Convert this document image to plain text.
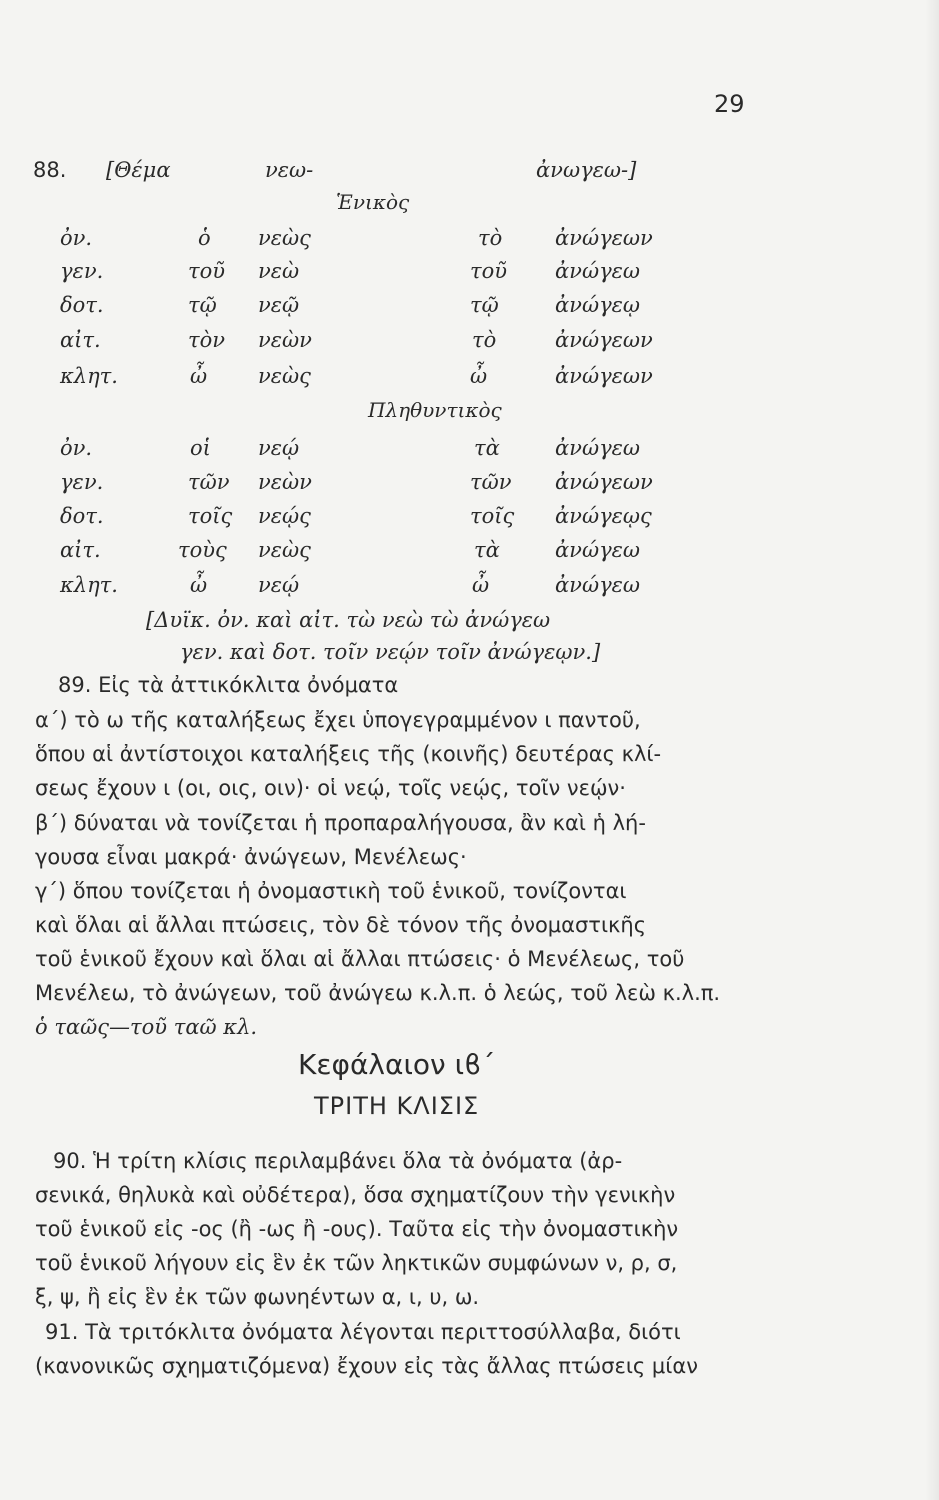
29
88. [Θέμα	νεω-	ἀνωγεω-]
Ἑνικὸς
ὀν.	ὁ νεὼς	τὸ	ἀνώγεων
γεν.	τοῦ νεὼ	τοῦ ἀνώγεω
δοτ.	τῷ νεῷ	τῷ	ἀνώγεῳ
αἰτ.	τὸν νεὼν	τὸ	ἀνώγεων
κλητ.	ὦ νεὼς	ὦ	ἀνώγεων
Πληθυντικὸς
ὀν.	οἱ νεῴ	τὰ	ἀνώγεω
γεν.	τῶν νεὼν	τῶν ἀνώγεων
δοτ.	τοῖς νεῴς	τοῖς ἀνώγεῳς
αἰτ.	τοὺς νεὼς	τὰ	ἀνώγεω
κλητ.	ὦ νεῴ	ὦ	ἀνώγεω
[Δυϊκ. ὀν. καὶ αἰτ. τὼ νεὼ τὼ ἀνώγεω
γεν. καὶ δοτ. τοῖν νεῴν τοῖν ἀνώγεῳν.]
89. Εἰς τὰ ἀττικόκλιτα ὀνόματα
α΄) τὸ ω τῆς καταλήξεως ἔχει ὑπογεγραμμένον ι παντοῦ,
ὅπου αἱ ἀντίστοιχοι καταλήξεις τῆς (κοινῆς) δευτέρας κλί-
σεως ἔχουν ι (οι, οις, οιν)· οἱ νεῴ, τοῖς νεῴς, τοῖν νεῴν·
β΄) δύναται νὰ τονίζεται ἡ προπαραλήγουσα, ἂν καὶ ἡ λή-
γουσα εἶναι μακρά· ἀνώγεων, Μενέλεως·
γ΄) ὅπου τονίζεται ἡ ὀνομαστικὴ τοῦ ἑνικοῦ, τονίζονται
καὶ ὅλαι αἱ ἄλλαι πτώσεις, τὸν δὲ τόνον τῆς ὀνομαστικῆς
τοῦ ἑνικοῦ ἔχουν καὶ ὅλαι αἱ ἄλλαι πτώσεις· ὁ Μενέλεως, τοῦ
Μενέλεω, τὸ ἀνώγεων, τοῦ ἀνώγεω κ.λ.π. ὁ λεώς, τοῦ λεὼ κ.λ.π.
ὁ ταῶς—τοῦ ταῶ κλ.
Κεφάλαιον ιϐ΄
ΤΡΙΤΗ ΚΛΙΣΙΣ
90. Ἡ τρίτη κλίσις περιλαμβάνει ὅλα τὰ ὀνόματα (ἀρ-
σενικά, θηλυκὰ καὶ οὐδέτερα), ὅσα σχηματίζουν τὴν γενικὴν
τοῦ ἑνικοῦ εἰς -ος (ἢ -ως ἢ -ους). Ταῦτα εἰς τὴν ὀνομαστικὴν
τοῦ ἑνικοῦ λήγουν εἰς ἓν ἐκ τῶν ληκτικῶν συμφώνων ν, ρ, σ,
ξ, ψ, ἢ εἰς ἓν ἐκ τῶν φωνηέντων α, ι, υ, ω.
91. Τὰ τριτόκλιτα ὀνόματα λέγονται περιττοσύλλαβα, διότι
(κανονικῶς σχηματιζόμενα) ἔχουν εἰς τὰς ἄλλας πτώσεις μίαν
